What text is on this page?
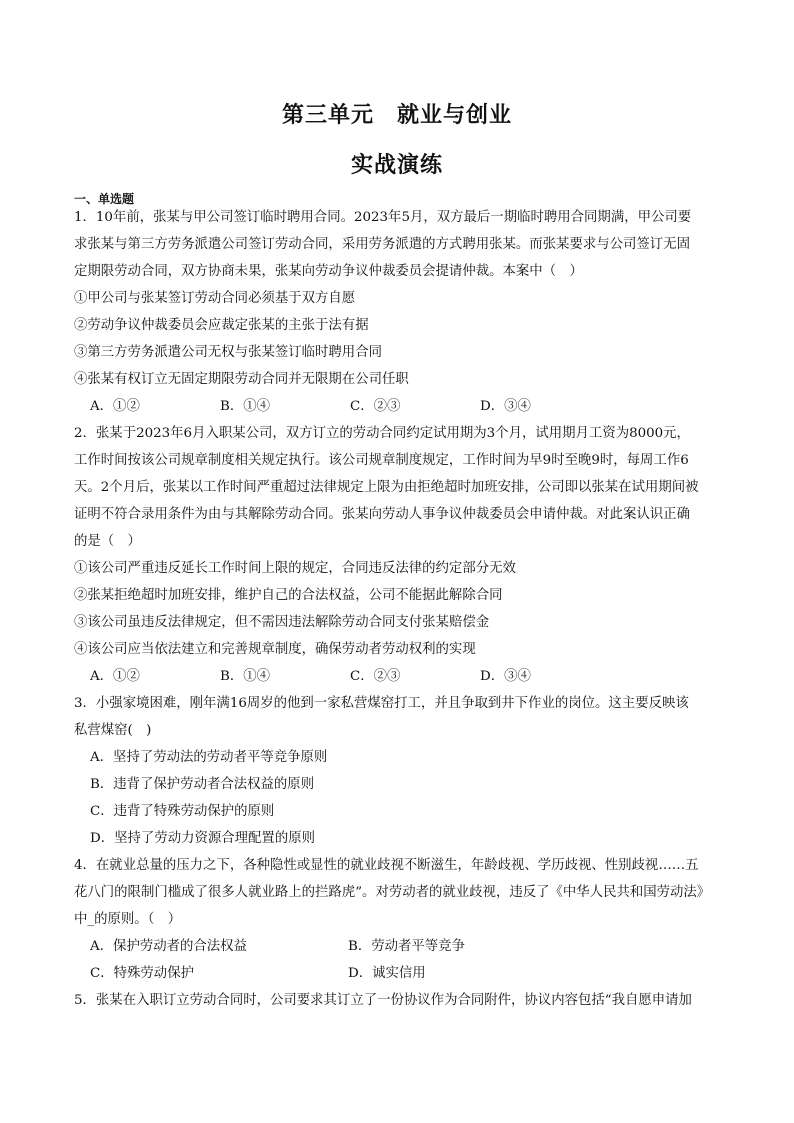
第三单元　就业与创业
实战演练
一、单选题
1．10年前，张某与甲公司签订临时聘用合同。2023年5月，双方最后一期临时聘用合同期满，甲公司要
求张某与第三方劳务派遣公司签订劳动合同，采用劳务派遣的方式聘用张某。而张某要求与公司签订无固
定期限劳动合同，双方协商未果，张某向劳动争议仲裁委员会提请仲裁。本案中（　）
①甲公司与张某签订劳动合同必须基于双方自愿
②劳动争议仲裁委员会应裁定张某的主张于法有据
③第三方劳务派遣公司无权与张某签订临时聘用合同
④张某有权订立无固定期限劳动合同并无限期在公司任职
A．①②	B．①④	C．②③	D．③④
2．张某于2023年6月入职某公司，双方订立的劳动合同约定试用期为3个月，试用期月工资为8000元，
工作时间按该公司规章制度相关规定执行。该公司规章制度规定，工作时间为早9时至晚9时，每周工作6
天。2个月后，张某以工作时间严重超过法律规定上限为由拒绝超时加班安排，公司即以张某在试用期间被
证明不符合录用条件为由与其解除劳动合同。张某向劳动人事争议仲裁委员会申请仲裁。对此案认识正确
的是（　）
①该公司严重违反延长工作时间上限的规定，合同违反法律的约定部分无效
②张某拒绝超时加班安排，维护自己的合法权益，公司不能据此解除合同
③该公司虽违反法律规定，但不需因违法解除劳动合同支付张某赔偿金
④该公司应当依法建立和完善规章制度，确保劳动者劳动权利的实现
A．①②	B．①④	C．②③	D．③④
3．小强家境困难，刚年满16周岁的他到一家私营煤窑打工，并且争取到井下作业的岗位。这主要反映该
私营煤窑(　)
A．坚持了劳动法的劳动者平等竞争原则
B．违背了保护劳动者合法权益的原则
C．违背了特殊劳动保护的原则
D．坚持了劳动力资源合理配置的原则
4．在就业总量的压力之下，各种隐性或显性的就业歧视不断滋生，年龄歧视、学历歧视、性别歧视……五
花八门的限制门槛成了很多人就业路上的拦路虎”。对劳动者的就业歧视，违反了《中华人民共和国劳动法》
中_的原则。（　）
A．保护劳动者的合法权益	B．劳动者平等竞争
C．特殊劳动保护	D．诚实信用
5．张某在入职订立劳动合同时，公司要求其订立了一份协议作为合同附件，协议内容包括“我自愿申请加
